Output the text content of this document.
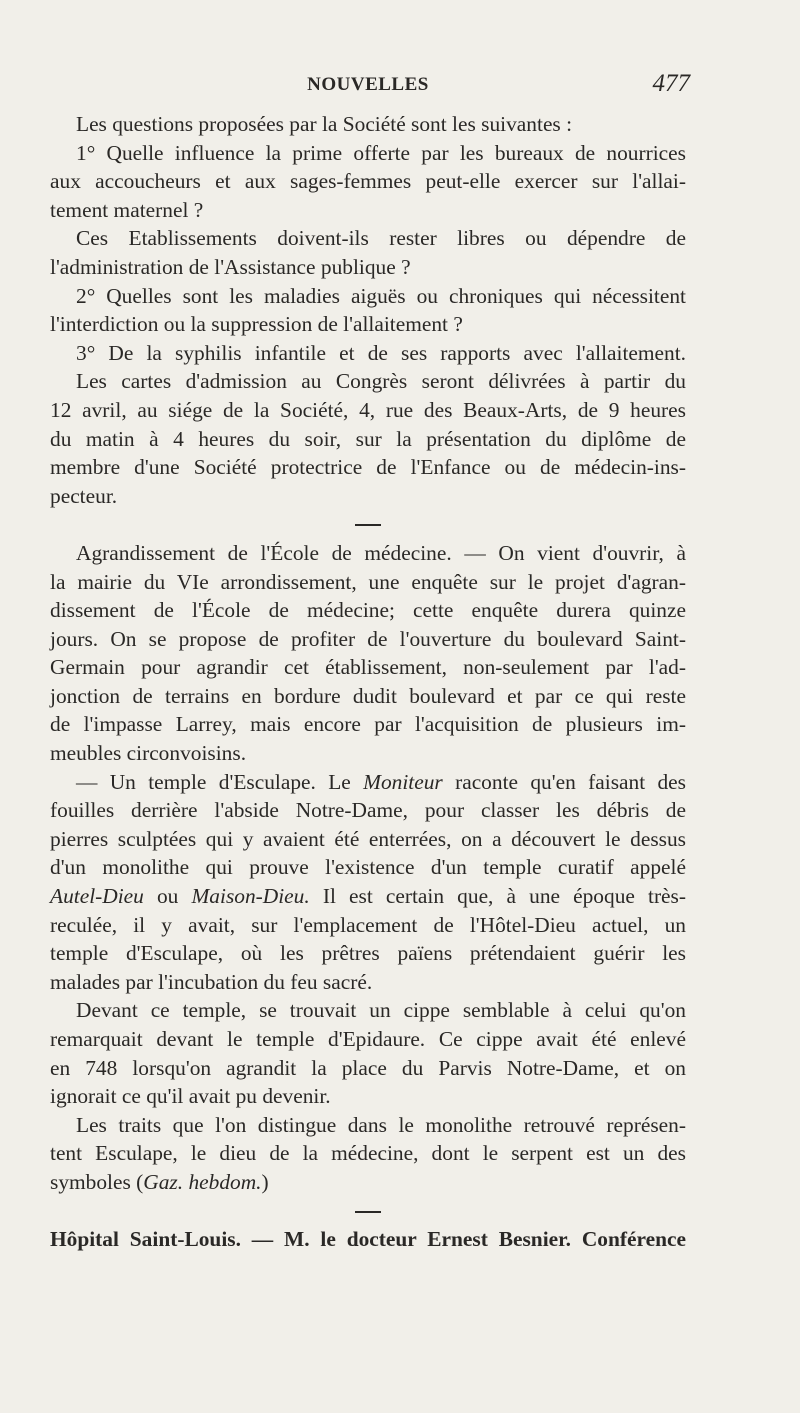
NOUVELLES	477
Les questions proposées par la Société sont les suivantes :
1° Quelle influence la prime offerte par les bureaux de nourrices
aux accoucheurs et aux sages-femmes peut-elle exercer sur l'allai-
tement maternel ?
Ces Etablissements doivent-ils rester libres ou dépendre de
l'administration de l'Assistance publique ?
2° Quelles sont les maladies aiguës ou chroniques qui nécessitent
l'interdiction ou la suppression de l'allaitement ?
3° De la syphilis infantile et de ses rapports avec l'allaitement.
Les cartes d'admission au Congrès seront délivrées à partir du
12 avril, au siége de la Société, 4, rue des Beaux-Arts, de 9 heures
du matin à 4 heures du soir, sur la présentation du diplôme de
membre d'une Société protectrice de l'Enfance ou de médecin-ins-
pecteur.
Agrandissement de l'École de médecine. — On vient d'ouvrir, à
la mairie du VIe arrondissement, une enquête sur le projet d'agran-
dissement de l'École de médecine; cette enquête durera quinze
jours. On se propose de profiter de l'ouverture du boulevard Saint-
Germain pour agrandir cet établissement, non-seulement par l'ad-
jonction de terrains en bordure dudit boulevard et par ce qui reste
de l'impasse Larrey, mais encore par l'acquisition de plusieurs im-
meubles circonvoisins.
— Un temple d'Esculape. Le Moniteur raconte qu'en faisant des
fouilles derrière l'abside Notre-Dame, pour classer les débris de
pierres sculptées qui y avaient été enterrées, on a découvert le dessus
d'un monolithe qui prouve l'existence d'un temple curatif appelé
Autel-Dieu ou Maison-Dieu. Il est certain que, à une époque très-
reculée, il y avait, sur l'emplacement de l'Hôtel-Dieu actuel, un
temple d'Esculape, où les prêtres païens prétendaient guérir les
malades par l'incubation du feu sacré.
Devant ce temple, se trouvait un cippe semblable à celui qu'on
remarquait devant le temple d'Epidaure. Ce cippe avait été enlevé
en 748 lorsqu'on agrandit la place du Parvis Notre-Dame, et on
ignorait ce qu'il avait pu devenir.
Les traits que l'on distingue dans le monolithe retrouvé représen-
tent Esculape, le dieu de la médecine, dont le serpent est un des
symboles (Gaz. hebdom.)
Hôpital Saint-Louis. — M. le docteur Ernest Besnier. Conférence
